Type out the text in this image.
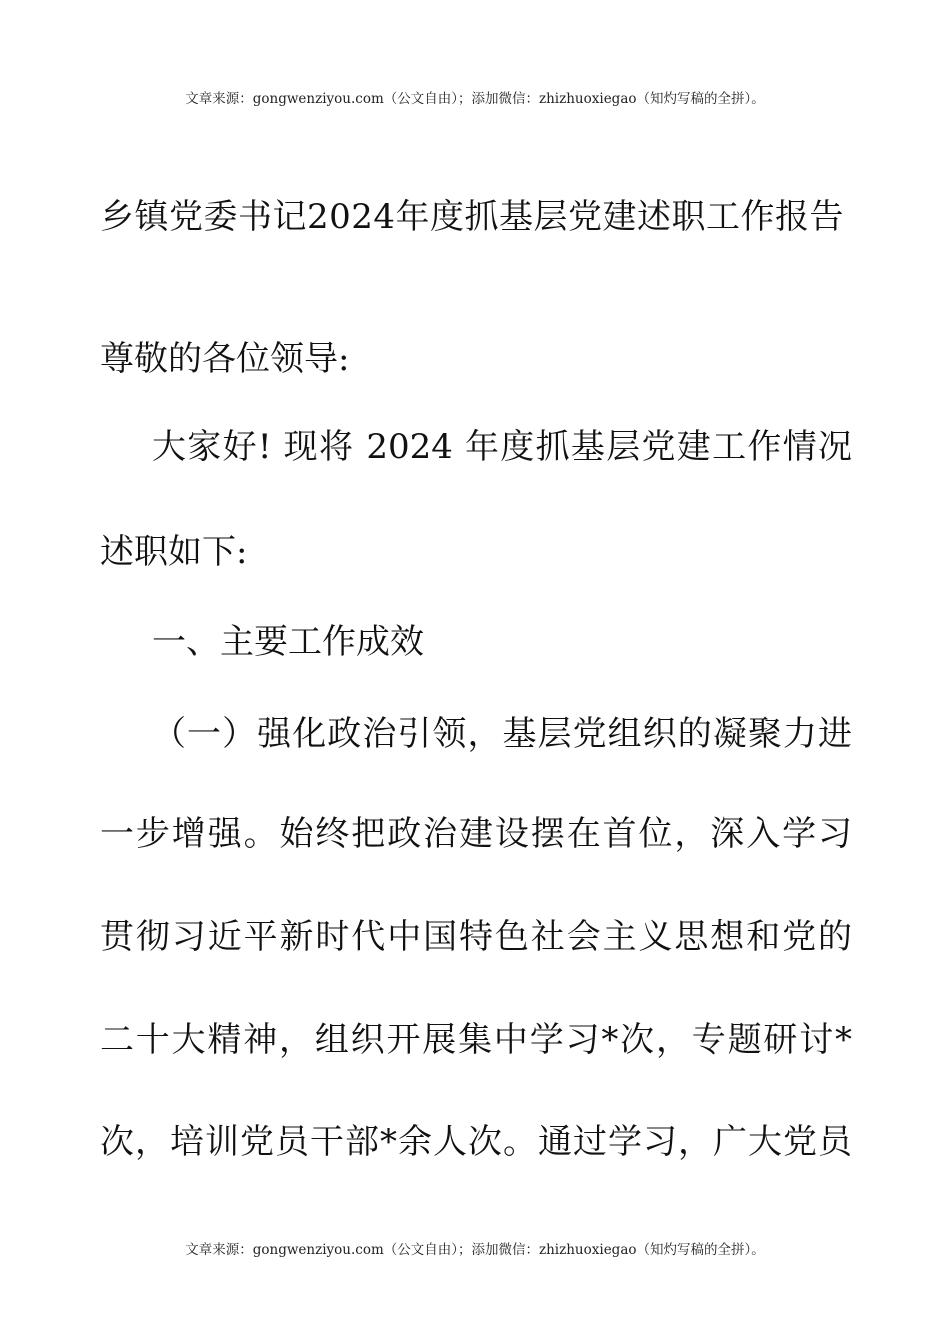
文章来源：gongwenziyou.com（公文自由）；添加微信：zhizhuoxiegao（知灼写稿的全拼）。
乡镇党委书记2024年度抓基层党建述职工作报告
尊敬的各位领导:
大家好! 现将 2024 年度抓基层党建工作情况
述职如下:
一、主要工作成效
（一）强化政治引领，基层党组织的凝聚力进
一步增强。始终把政治建设摆在首位，深入学习
贯彻习近平新时代中国特色社会主义思想和党的
二十大精神，组织开展集中学习*次，专题研讨*
次，培训党员干部*余人次。通过学习，广大党员
文章来源：gongwenziyou.com（公文自由）；添加微信：zhizhuoxiegao（知灼写稿的全拼）。
